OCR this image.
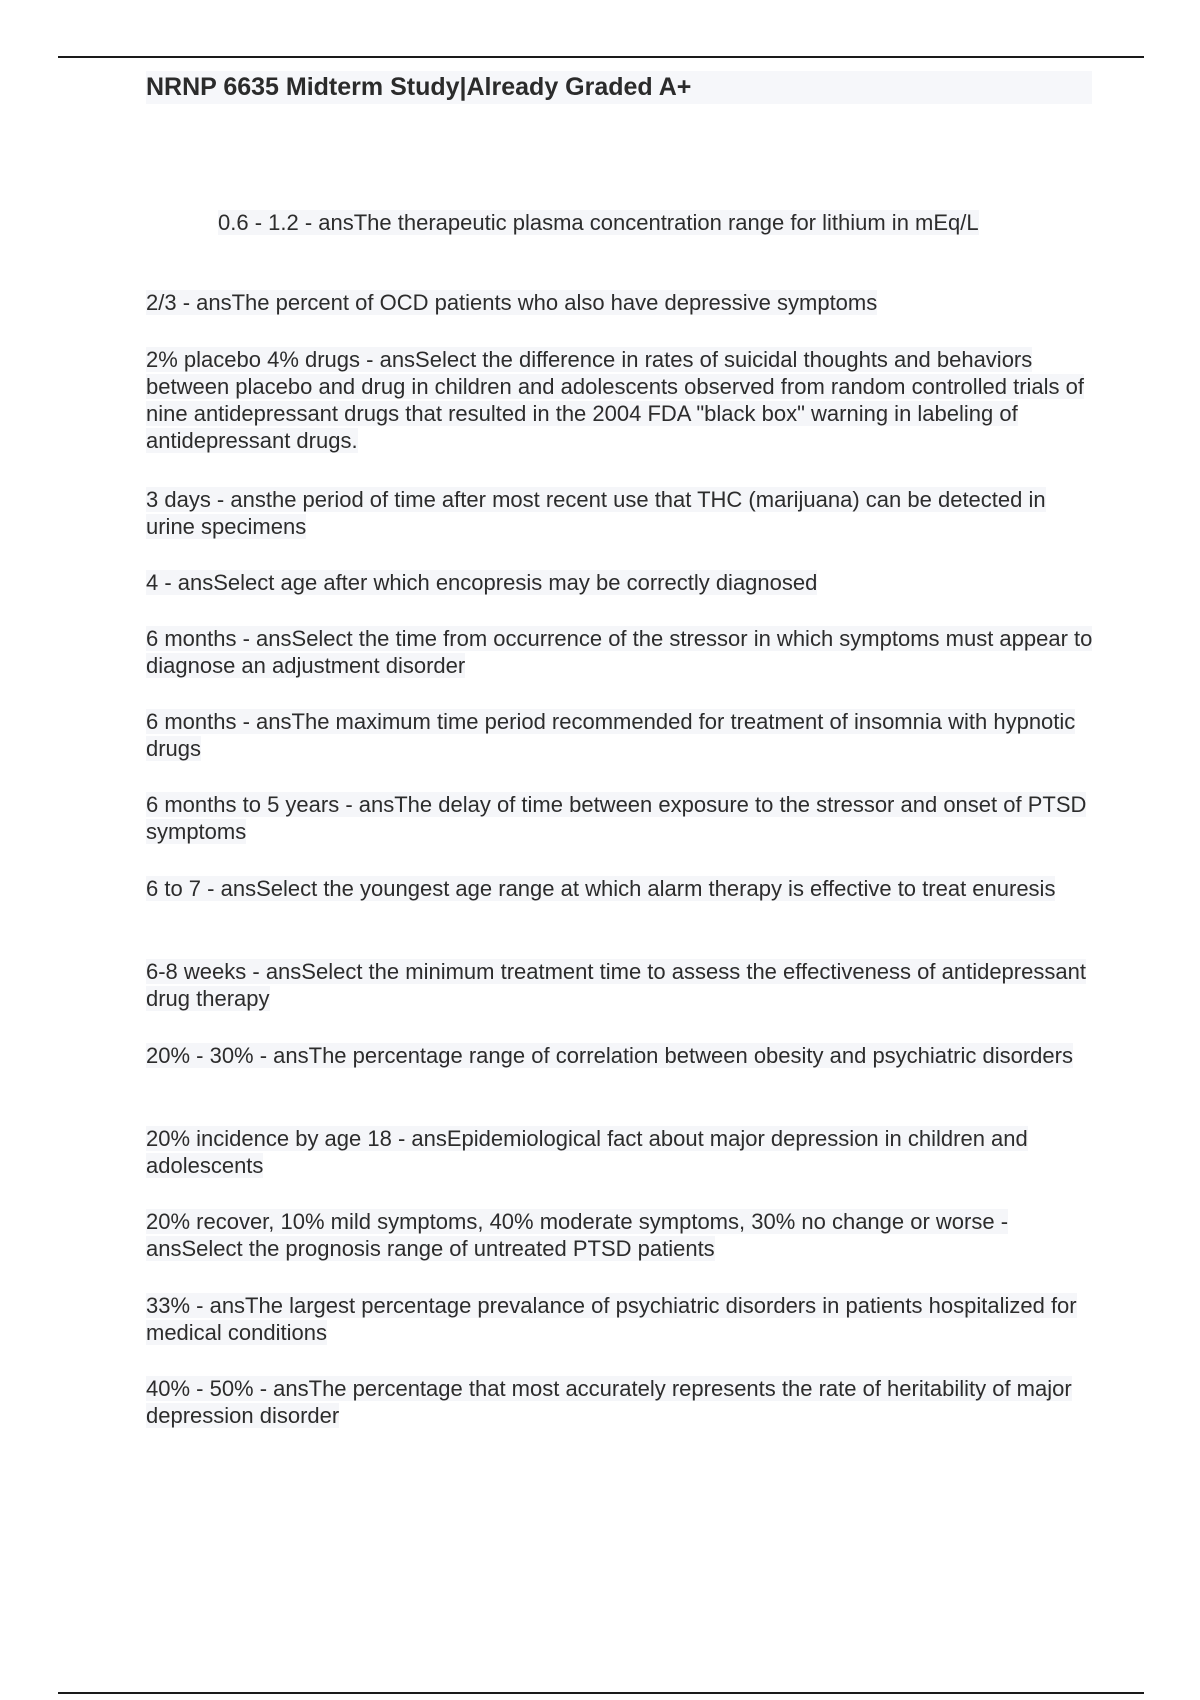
NRNP 6635 Midterm Study|Already Graded A+
0.6 - 1.2 - ansThe therapeutic plasma concentration range for lithium in mEq/L
2/3 - ansThe percent of OCD patients who also have depressive symptoms
2% placebo 4% drugs - ansSelect the difference in rates of suicidal thoughts and behaviors between placebo and drug in children and adolescents observed from random controlled trials of nine antidepressant drugs that resulted in the 2004 FDA "black box" warning in labeling of antidepressant drugs.
3 days - ansthe period of time after most recent use that THC (marijuana) can be detected in urine specimens
4 - ansSelect age after which encopresis may be correctly diagnosed
6 months - ansSelect the time from occurrence of the stressor in which symptoms must appear to diagnose an adjustment disorder
6 months - ansThe maximum time period recommended for treatment of insomnia with hypnotic drugs
6 months to 5 years - ansThe delay of time between exposure to the stressor and onset of PTSD symptoms
6 to 7 - ansSelect the youngest age range at which alarm therapy is effective to treat enuresis
6-8 weeks - ansSelect the minimum treatment time to assess the effectiveness of antidepressant drug therapy
20% - 30% - ansThe percentage range of correlation between obesity and psychiatric disorders
20% incidence by age 18 - ansEpidemiological fact about major depression in children and adolescents
20% recover, 10% mild symptoms, 40% moderate symptoms, 30% no change or worse - ansSelect the prognosis range of untreated PTSD patients
33% - ansThe largest percentage prevalance of psychiatric disorders in patients hospitalized for medical conditions
40% - 50% - ansThe percentage that most accurately represents the rate of heritability of major depression disorder
